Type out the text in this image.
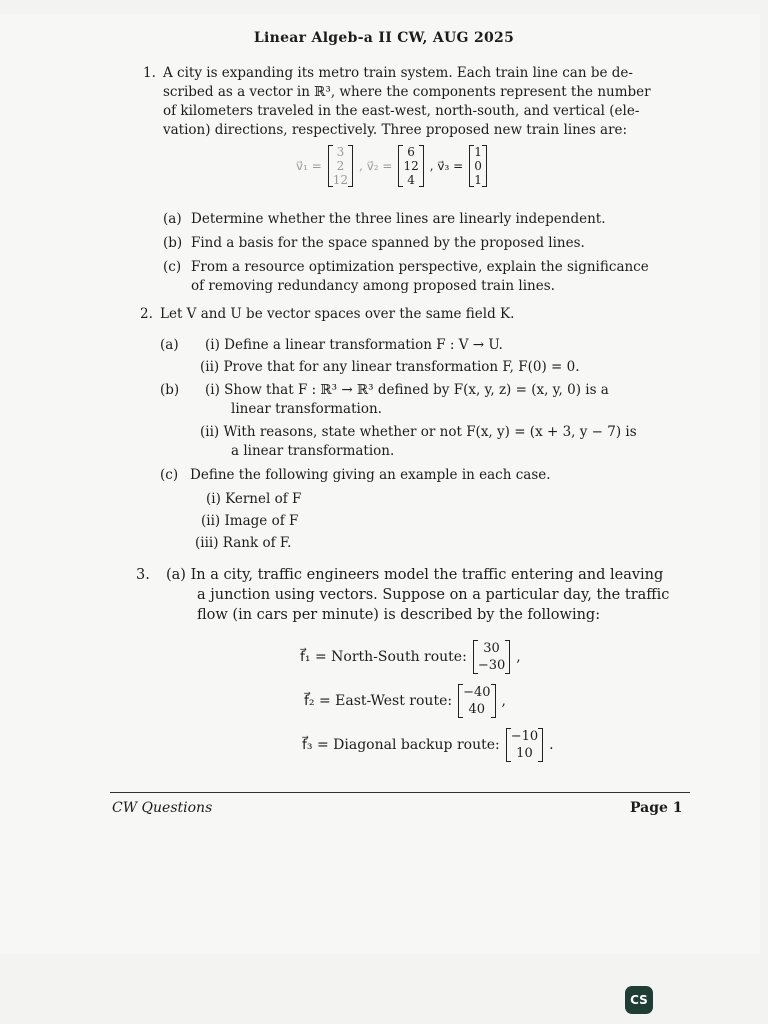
Linear Algeb-a II CW, AUG 2025
1. A city is expanding its metro train system. Each train line can be de-
scribed as a vector in ℝ³, where the components represent the number
of kilometers traveled in the east-west, north-south, and vertical (ele-
vation) directions, respectively. Three proposed new train lines are:
v⃗₁ =
3
2
12
, v⃗₂ =
6
12
4
, v⃗₃ =
1
0
1
(a) Determine whether the three lines are linearly independent.
(b) Find a basis for the space spanned by the proposed lines.
(c) From a resource optimization perspective, explain the significance
of removing redundancy among proposed train lines.
2. Let V and U be vector spaces over the same field K.
(a) (i) Define a linear transformation F : V → U.
(ii) Prove that for any linear transformation F, F(0) = 0.
(b) (i) Show that F : ℝ³ → ℝ³ defined by F(x, y, z) = (x, y, 0) is a
linear transformation.
(ii) With reasons, state whether or not F(x, y) = (x + 3, y − 7) is
a linear transformation.
(c) Define the following giving an example in each case.
(i) Kernel of F
(ii) Image of F
(iii) Rank of F.
3. (a) In a city, traffic engineers model the traffic entering and leaving
a junction using vectors. Suppose on a particular day, the traffic
flow (in cars per minute) is described by the following:
f⃗₁ = North-South route: 30
−30
,
f⃗₂ = East-West route: −40
40
,
f⃗₃ = Diagonal backup route: −10
10
.
CW Questions	Page 1
CS
